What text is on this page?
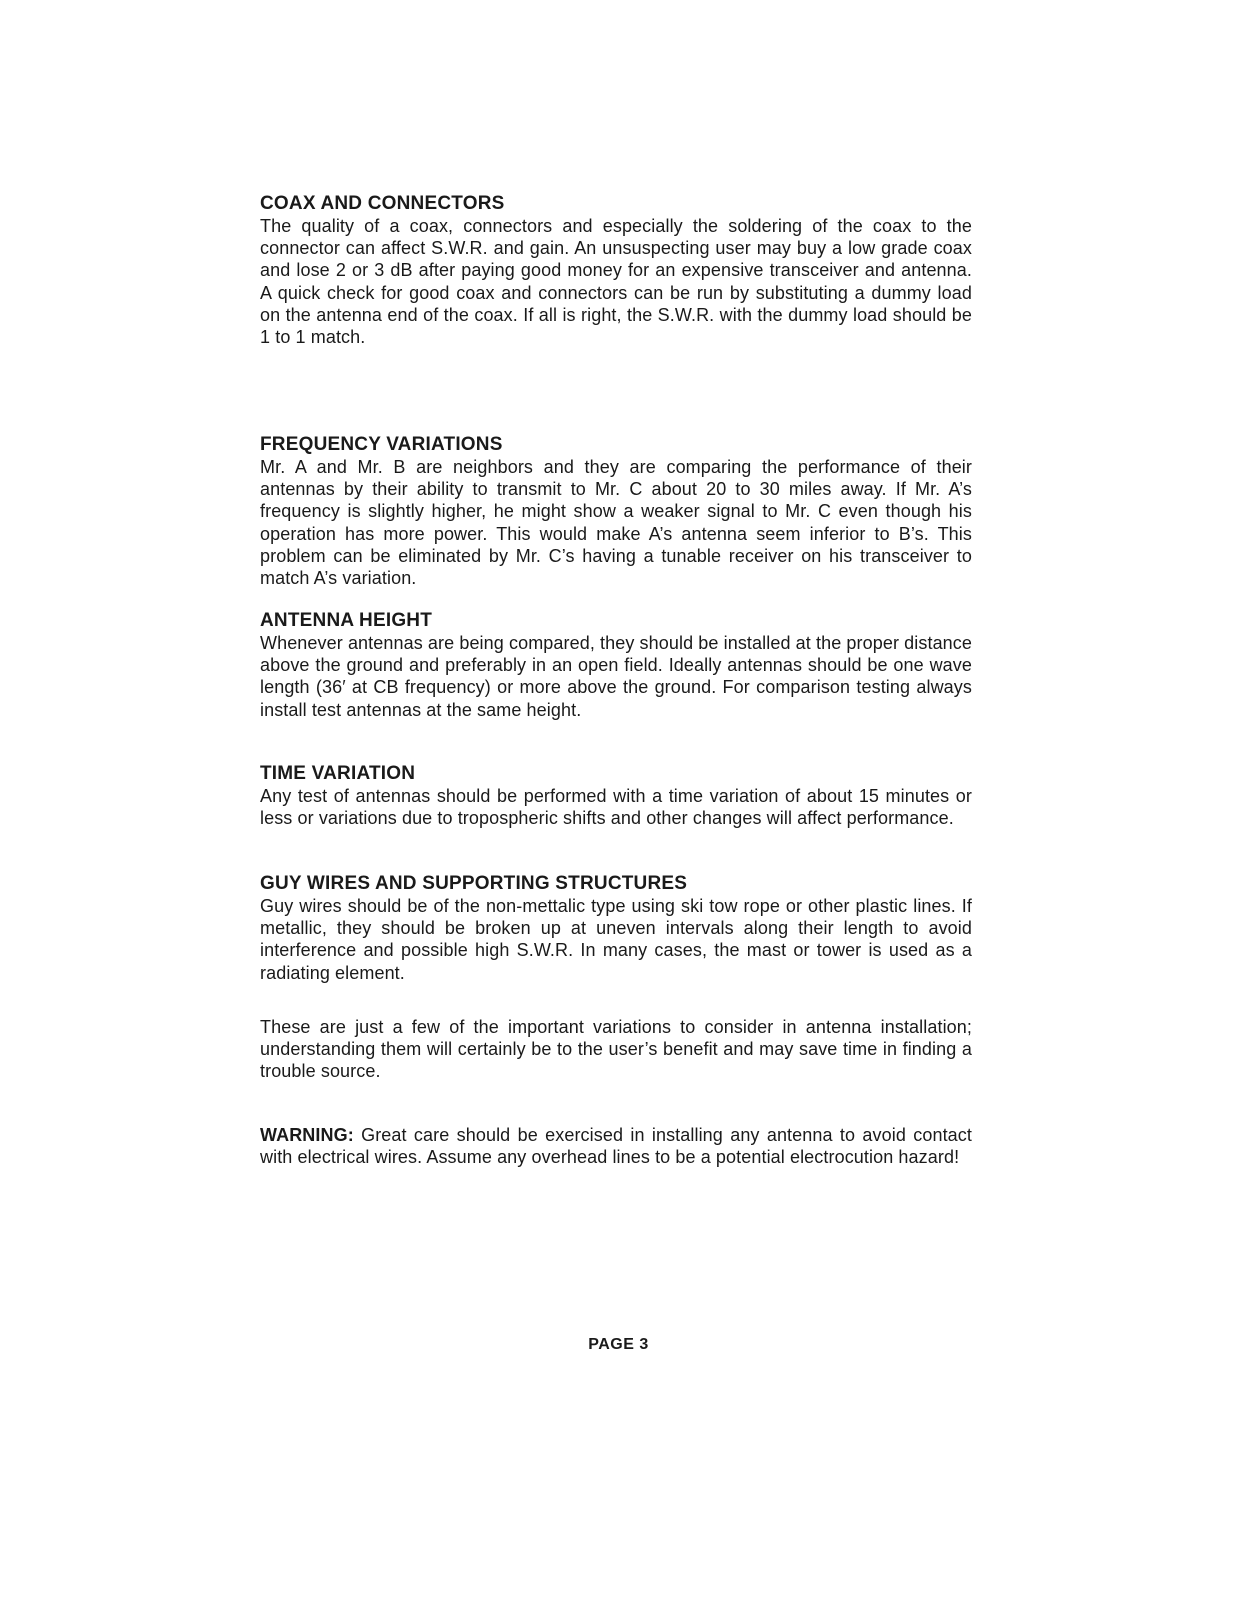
COAX AND CONNECTORS

The quality of a coax, connectors and especially the soldering of the coax to the connector can affect S.W.R. and gain. An unsuspecting user may buy a low grade coax and lose 2 or 3 dB after paying good money for an expensive transceiver and antenna. A quick check for good coax and connectors can be run by substituting a dummy load on the antenna end of the coax. If all is right, the S.W.R. with the dummy load should be 1 to 1 match.

FREQUENCY VARIATIONS

Mr. A and Mr. B are neighbors and they are comparing the performance of their antennas by their ability to transmit to Mr. C about 20 to 30 miles away. If Mr. A’s frequency is slightly higher, he might show a weaker signal to Mr. C even though his operation has more power. This would make A’s antenna seem inferior to B’s. This problem can be eliminated by Mr. C’s having a tunable receiver on his transceiver to match A’s variation.

ANTENNA HEIGHT

Whenever antennas are being compared, they should be installed at the proper distance above the ground and preferably in an open field. Ideally antennas should be one wave length (36′ at CB frequency) or more above the ground. For comparison testing always install test antennas at the same height.

TIME VARIATION

Any test of antennas should be performed with a time variation of about 15 minutes or less or variations due to tropospheric shifts and other changes will affect performance.

GUY WIRES AND SUPPORTING STRUCTURES

Guy wires should be of the non-mettalic type using ski tow rope or other plastic lines. If metallic, they should be broken up at uneven intervals along their length to avoid interference and possible high S.W.R. In many cases, the mast or tower is used as a radiating element.

These are just a few of the important variations to consider in antenna installation; understanding them will certainly be to the user’s benefit and may save time in finding a trouble source.

WARNING: Great care should be exercised in installing any antenna to avoid contact with electrical wires. Assume any overhead lines to be a potential electrocution hazard!

PAGE 3
